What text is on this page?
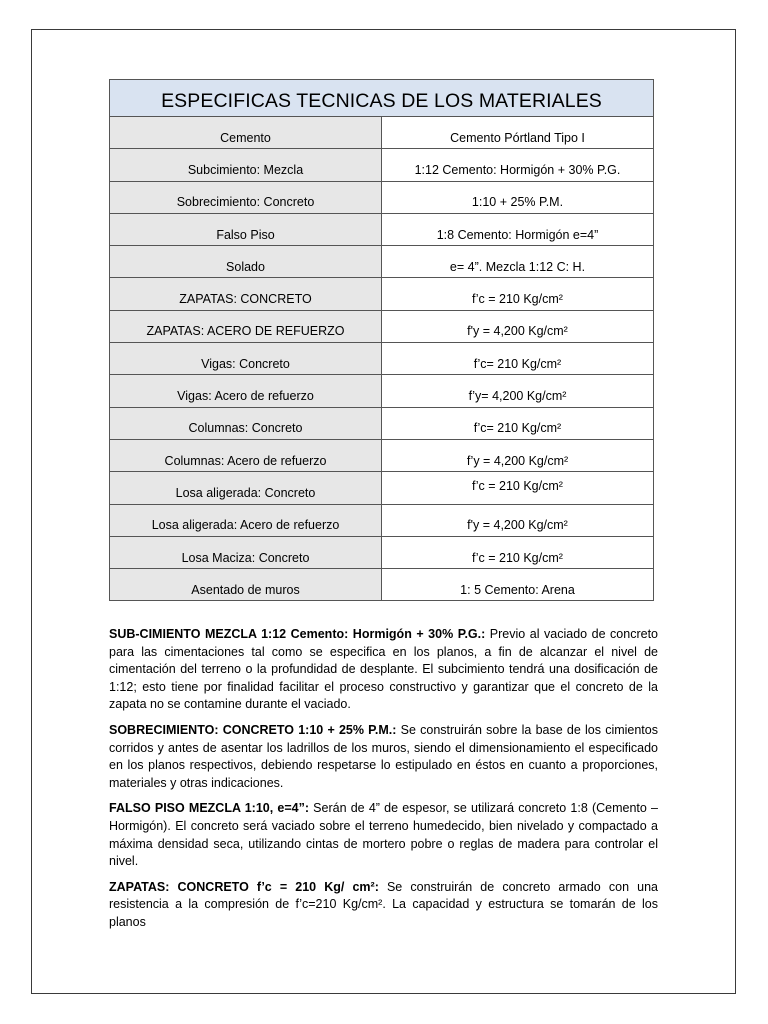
ESPECIFICAS TECNICAS DE LOS MATERIALES	
Cemento	Cemento Pórtland Tipo I
Subcimiento: Mezcla	1:12 Cemento: Hormigón + 30% P.G.
Sobrecimiento: Concreto	1:10 + 25% P.M.
Falso Piso	1:8 Cemento: Hormigón e=4”
Solado	e= 4”. Mezcla 1:12 C: H.
ZAPATAS: CONCRETO	f’c = 210 Kg/cm²
ZAPATAS: ACERO DE REFUERZO	f'y = 4,200 Kg/cm²
Vigas: Concreto	f’c= 210 Kg/cm²
Vigas: Acero de refuerzo	f’y= 4,200 Kg/cm²
Columnas: Concreto	f’c= 210 Kg/cm²
Columnas: Acero de refuerzo	f’y = 4,200 Kg/cm²
Losa aligerada: Concreto	f’c = 210 Kg/cm²
Losa aligerada: Acero de refuerzo	f'y = 4,200 Kg/cm²
Losa Maciza: Concreto	f’c = 210 Kg/cm²
Asentado de muros	1: 5 Cemento: Arena

SUB-CIMIENTO MEZCLA 1:12 Cemento: Hormigón + 30% P.G.: Previo al vaciado de concreto para las cimentaciones tal como se especifica en los planos, a fin de alcanzar el nivel de cimentación del terreno o la profundidad de desplante. El subcimiento tendrá una dosificación de 1:12; esto tiene por finalidad facilitar el proceso constructivo y garantizar que el concreto de la zapata no se contamine durante el vaciado.

SOBRECIMIENTO: CONCRETO 1:10 + 25% P.M.: Se construirán sobre la base de los cimientos corridos y antes de asentar los ladrillos de los muros, siendo el dimensionamiento el especificado en los planos respectivos, debiendo respetarse lo estipulado en éstos en cuanto a proporciones, materiales y otras indicaciones.

FALSO PISO MEZCLA 1:10, e=4”: Serán de 4” de espesor, se utilizará concreto 1:8 (Cemento – Hormigón). El concreto será vaciado sobre el terreno humedecido, bien nivelado y compactado a máxima densidad seca, utilizando cintas de mortero pobre o reglas de madera para controlar el nivel.

ZAPATAS: CONCRETO f’c = 210 Kg/ cm²: Se construirán de concreto armado con una resistencia a la compresión de f’c=210 Kg/cm². La capacidad y estructura se tomarán de los planos
